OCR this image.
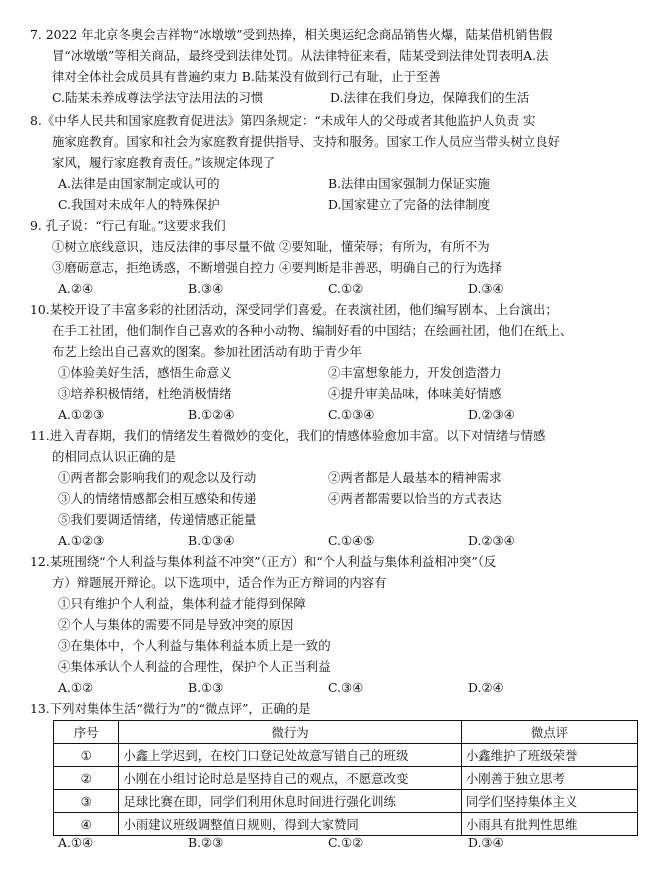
7. 2022 年北京冬奥会吉祥物“冰墩墩”受到热捧，相关奥运纪念商品销售火爆，陆某借机销售假
冒“冰墩墩”等相关商品，最终受到法律处罚。从法律特征来看，陆某受到法律处罚表明A.法
律对全体社会成员具有普遍约束力 B.陆某没有做到行己有耻，止于至善
C.陆某未养成尊法学法守法用法的习惯	D.法律在我们身边，保障我们的生活
8.《中华人民共和国家庭教育促进法》第四条规定：“未成年人的父母或者其他监护人负责 实
施家庭教育。国家和社会为家庭教育提供指导、支持和服务。国家工作人员应当带头树立良好
家风，履行家庭教育责任。”该规定体现了
A.法律是由国家制定或认可的	B.法律由国家强制力保证实施
C.我国对未成年人的特殊保护	D.国家建立了完备的法律制度
9. 孔子说：“行己有耻。”这要求我们
①树立底线意识，违反法律的事尽量不做 ②要知耻，懂荣辱；有所为，有所不为
③磨砺意志，拒绝诱惑，不断增强自控力 ④要判断是非善恶，明确自己的行为选择
A.②④	B.③④	C.①②	D.③④
10.某校开设了丰富多彩的社团活动，深受同学们喜爱。在表演社团，他们编写剧本、上台演出；
在手工社团，他们制作自己喜欢的各种小动物、编制好看的中国结；在绘画社团，他们在纸上、
布艺上绘出自己喜欢的图案。参加社团活动有助于青少年
①体验美好生活，感悟生命意义	②丰富想象能力，开发创造潜力
③培养积极情绪，杜绝消极情绪	④提升审美品味，体味美好情感
A.①②③	B.①②④	C.①③④	D.②③④
11.进入青春期，我们的情绪发生着微妙的变化，我们的情感体验愈加丰富。以下对情绪与情感
的相同点认识正确的是
①两者都会影响我们的观念以及行动	②两者都是人最基本的精神需求
③人的情绪情感都会相互感染和传递	④两者都需要以恰当的方式表达
⑤我们要调适情绪，传递情感正能量
A.①②③	B.①③④	C.①④⑤	D.②③④
12.某班围绕“个人利益与集体利益不冲突”（正方）和“个人利益与集体利益相冲突”（反
方）辩题展开辩论。以下选项中，适合作为正方辩词的内容有
①只有维护个人利益，集体利益才能得到保障
②个人与集体的需要不同是导致冲突的原因
③在集体中，个人利益与集体利益本质上是一致的
④集体承认个人利益的合理性，保护个人正当利益
A.①②	B.①③	C.③④	D.②④
13.下列对集体生活“微行为”的“微点评”，正确的是
序号	微行为	微点评
①	小鑫上学迟到，在校门口登记处故意写错自己的班级	小鑫维护了班级荣誉
②	小刚在小组讨论时总是坚持自己的观点，不愿意改变	小刚善于独立思考
③	足球比赛在即，同学们利用休息时间进行强化训练	同学们坚持集体主义
④	小雨建议班级调整值日规则，得到大家赞同	小雨具有批判性思维
A.①④	B.②③	C.①②	D.③④
